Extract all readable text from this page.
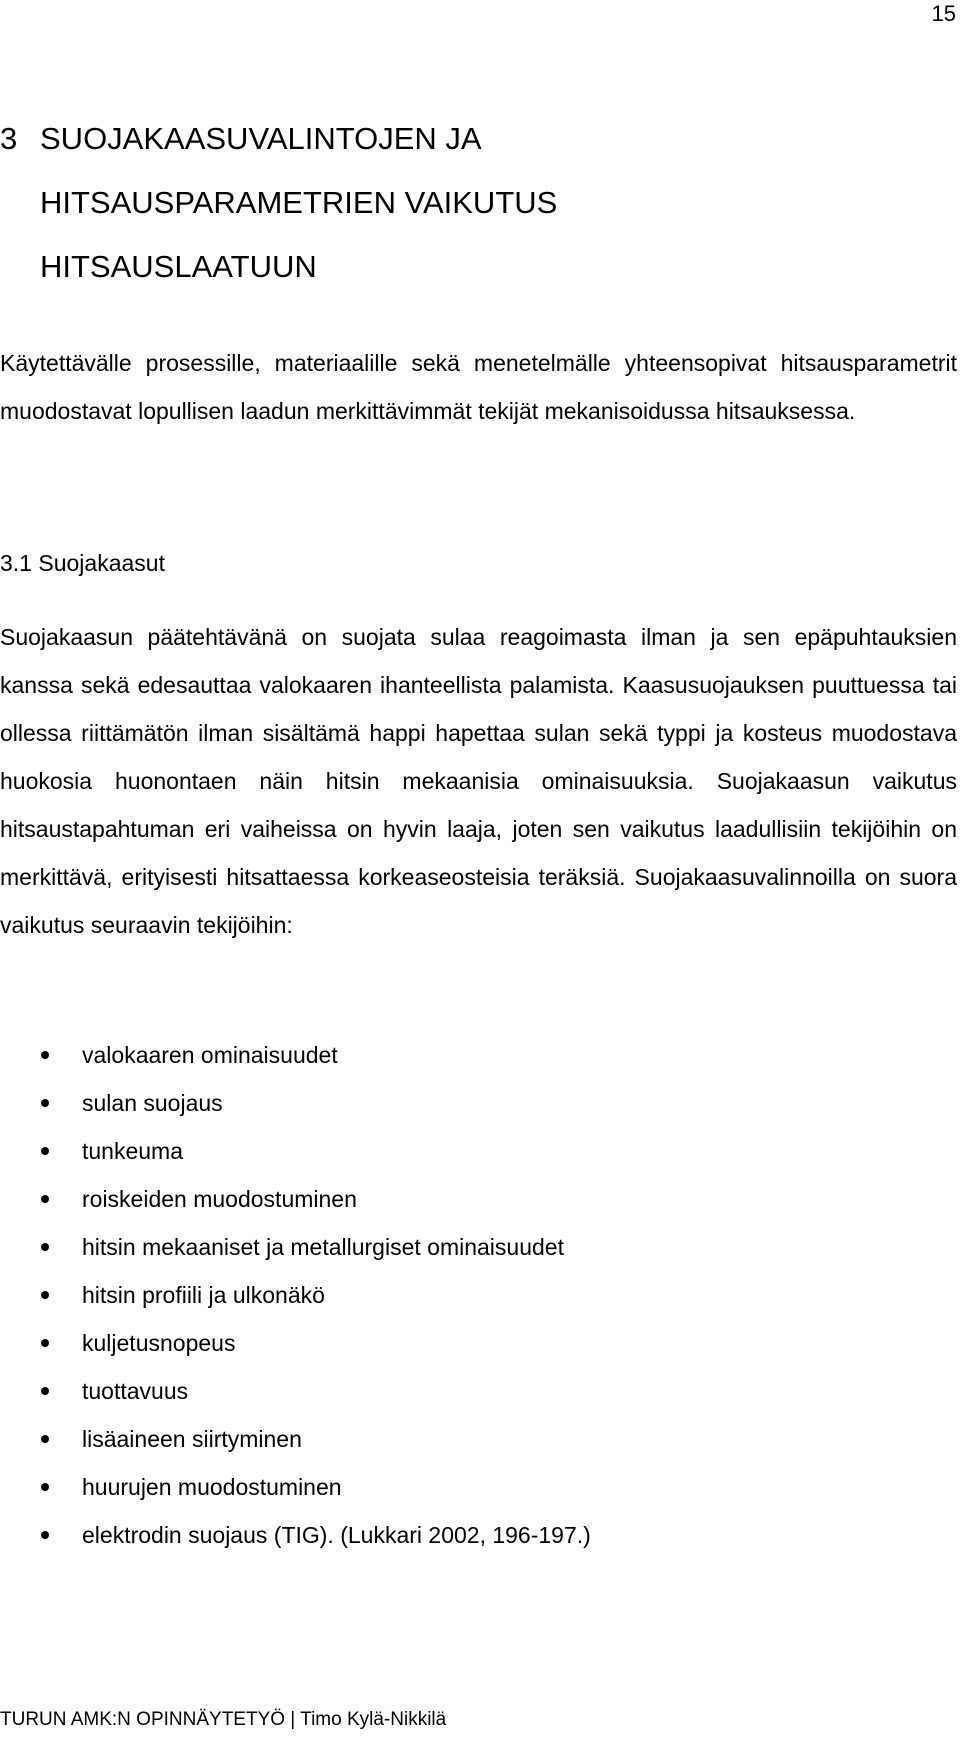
15
3 SUOJAKAASUVALINTOJEN JA
HITSAUSPARAMETRIEN VAIKUTUS
HITSAUSLAATUUN

Käytettävälle prosessille, materiaalille sekä menetelmälle yhteensopivat hitsausparametrit muodostavat lopullisen laadun merkittävimmät tekijät mekanisoidussa hitsauksessa.

3.1 Suojakaasut

Suojakaasun päätehtävänä on suojata sulaa reagoimasta ilman ja sen epäpuhtauksien kanssa sekä edesauttaa valokaaren ihanteellista palamista. Kaasusuojauksen puuttuessa tai ollessa riittämätön ilman sisältämä happi hapettaa sulan sekä typpi ja kosteus muodostava huokosia huonontaen näin hitsin mekaanisia ominaisuuksia. Suojakaasun vaikutus hitsaustapahtuman eri vaiheissa on hyvin laaja, joten sen vaikutus laadullisiin tekijöihin on merkittävä, erityisesti hitsattaessa korkeaseosteisia teräksiä. Suojakaasuvalinnoilla on suora vaikutus seuraavin tekijöihin:

valokaaren ominaisuudet
sulan suojaus
tunkeuma
roiskeiden muodostuminen
hitsin mekaaniset ja metallurgiset ominaisuudet
hitsin profiili ja ulkonäkö
kuljetusnopeus
tuottavuus
lisäaineen siirtyminen
huurujen muodostuminen
elektrodin suojaus (TIG). (Lukkari 2002, 196-197.)
TURUN AMK:N OPINNÄYTETYÖ | Timo Kylä-Nikkilä
